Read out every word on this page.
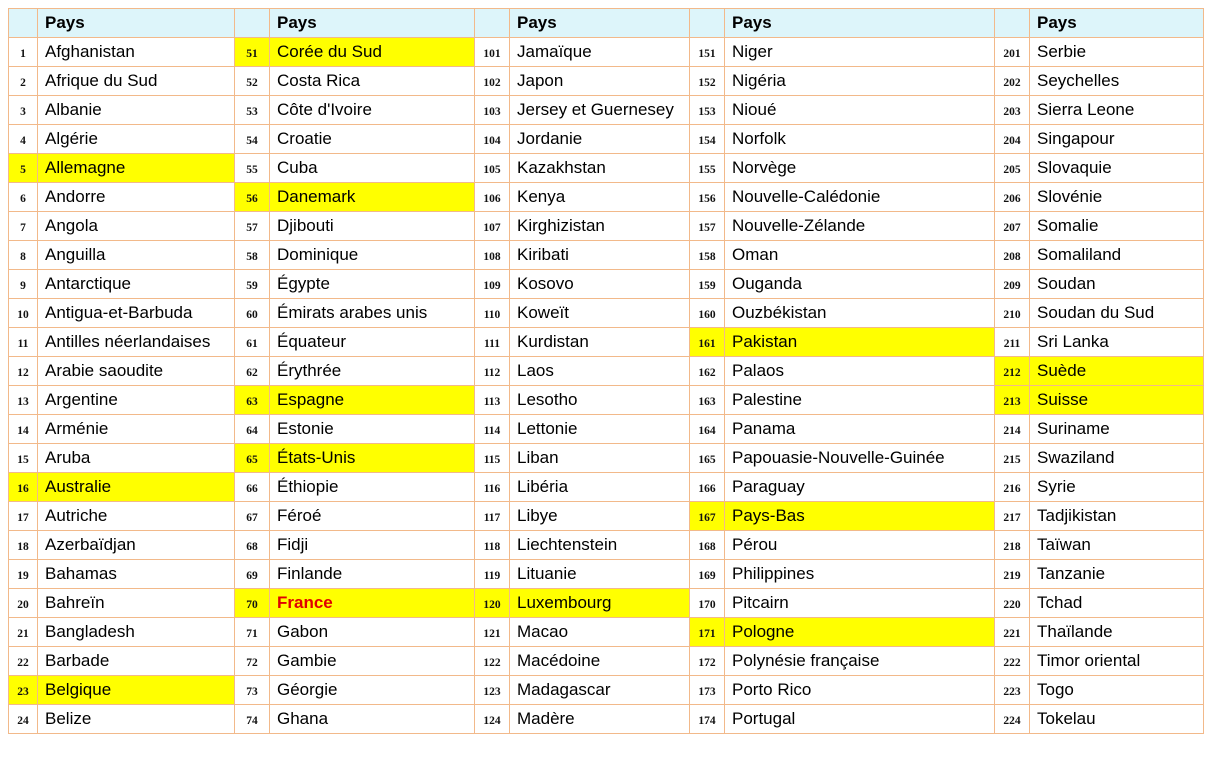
	Pays		Pays		Pays		Pays		Pays
1	Afghanistan	51	Corée du Sud	101	Jamaïque	151	Niger	201	Serbie
2	Afrique du Sud	52	Costa Rica	102	Japon	152	Nigéria	202	Seychelles
3	Albanie	53	Côte d'Ivoire	103	Jersey et Guernesey	153	Nioué	203	Sierra Leone
4	Algérie	54	Croatie	104	Jordanie	154	Norfolk	204	Singapour
5	Allemagne	55	Cuba	105	Kazakhstan	155	Norvège	205	Slovaquie
6	Andorre	56	Danemark	106	Kenya	156	Nouvelle-Calédonie	206	Slovénie
7	Angola	57	Djibouti	107	Kirghizistan	157	Nouvelle-Zélande	207	Somalie
8	Anguilla	58	Dominique	108	Kiribati	158	Oman	208	Somaliland
9	Antarctique	59	Égypte	109	Kosovo	159	Ouganda	209	Soudan
10	Antigua-et-Barbuda	60	Émirats arabes unis	110	Koweït	160	Ouzbékistan	210	Soudan du Sud
11	Antilles néerlandaises	61	Équateur	111	Kurdistan	161	Pakistan	211	Sri Lanka
12	Arabie saoudite	62	Érythrée	112	Laos	162	Palaos	212	Suède
13	Argentine	63	Espagne	113	Lesotho	163	Palestine	213	Suisse
14	Arménie	64	Estonie	114	Lettonie	164	Panama	214	Suriname
15	Aruba	65	États-Unis	115	Liban	165	Papouasie-Nouvelle-Guinée	215	Swaziland
16	Australie	66	Éthiopie	116	Libéria	166	Paraguay	216	Syrie
17	Autriche	67	Féroé	117	Libye	167	Pays-Bas	217	Tadjikistan
18	Azerbaïdjan	68	Fidji	118	Liechtenstein	168	Pérou	218	Taïwan
19	Bahamas	69	Finlande	119	Lituanie	169	Philippines	219	Tanzanie
20	Bahreïn	70	France	120	Luxembourg	170	Pitcairn	220	Tchad
21	Bangladesh	71	Gabon	121	Macao	171	Pologne	221	Thaïlande
22	Barbade	72	Gambie	122	Macédoine	172	Polynésie française	222	Timor oriental
23	Belgique	73	Géorgie	123	Madagascar	173	Porto Rico	223	Togo
24	Belize	74	Ghana	124	Madère	174	Portugal	224	Tokelau
